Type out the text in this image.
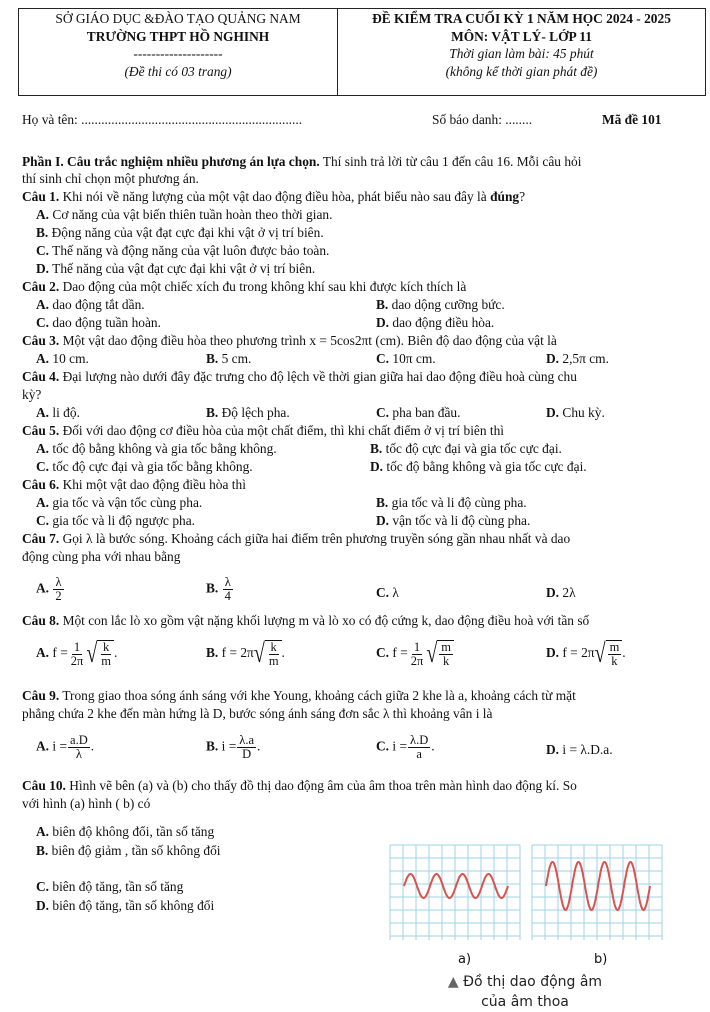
SỞ GIÁO DỤC &ĐÀO TẠO QUẢNG NAM
TRƯỜNG THPT HỒ NGHINH
--------------------
(Đề thi có 03 trang)
ĐỀ KIỂM TRA CUỐI KỲ 1 NĂM HỌC 2024 - 2025
MÔN: VẬT LÝ- LỚP 11
Thời gian làm bài: 45 phút
(không kể thời gian phát đề)
Họ và tên: ..................................................................	Số báo danh: ........	Mã đề 101
Phần I. Câu trắc nghiệm nhiều phương án lựa chọn. Thí sinh trả lời từ câu 1 đến câu 16. Mỗi câu hỏi
thí sinh chỉ chọn một phương án.
Câu 1. Khi nói về năng lượng của một vật dao động điều hòa, phát biểu nào sau đây là đúng?
A. Cơ năng của vật biến thiên tuần hoàn theo thời gian.
B. Động năng của vật đạt cực đại khi vật ở vị trí biên.
C. Thế năng và động năng của vật luôn được bảo toàn.
D. Thế năng của vật đạt cực đại khi vật ở vị trí biên.
Câu 2. Dao động của một chiếc xích đu trong không khí sau khi được kích thích là
A. dao động tắt dần.	B. dao dộng cưỡng bức.
C. dao động tuần hoàn.	D. dao động điều hòa.
Câu 3. Một vật dao động điều hòa theo phương trình x = 5cos2πt (cm). Biên độ dao động của vật là
A. 10 cm.	B. 5 cm.	C. 10π cm.	D. 2,5π cm.
Câu 4. Đại lượng nào dưới đây đặc trưng cho độ lệch về thời gian giữa hai dao động điều hoà cùng chu
kỳ?
A. li độ.	B. Độ lệch pha.	C. pha ban đầu.	D. Chu kỳ.
Câu 5. Đối với dao động cơ điều hòa của một chất điểm, thì khi chất điểm ở vị trí biên thì
A. tốc độ bằng không và gia tốc bằng không.	B. tốc độ cực đại và gia tốc cực đại.
C. tốc độ cực đại và gia tốc bằng không.	D. tốc độ bằng không và gia tốc cực đại.
Câu 6. Khi một vật dao động điều hòa thì
A. gia tốc và vận tốc cùng pha.	B. gia tốc và li độ cùng pha.
C. gia tốc và li độ ngược pha.	D. vận tốc và li độ cùng pha.
Câu 7. Gọi λ là bước sóng. Khoảng cách giữa hai điểm trên phương truyền sóng gần nhau nhất và dao
động cùng pha với nhau bằng
A. $\frac{\lambda}{2}$	B. $\frac{\lambda}{4}$	C. λ	D. 2λ
Câu 8. Một con lắc lò xo gồm vật nặng khối lượng m và lò xo có độ cứng k, dao động điều hoà với tần số
A. $f = \frac{1}{2\pi}$ √ $\frac{k}{m}$ .	B. f = 2π √ $\frac{k}{m}$ .	C. $f = \frac{1}{2\pi}$ √ $\frac{m}{k}$	D. f = 2π √ $\frac{m}{k}$ .
Câu 9. Trong giao thoa sóng ánh sáng với khe Young, khoảng cách giữa 2 khe là a, khoảng cách từ mặt
phẳng chứa 2 khe đến màn hứng là D, bước sóng ánh sáng đơn sắc λ thì khoảng vân i là
A. $i = \frac{a.D}{\lambda}$ .	B. $i = \frac{\lambda.a}{D}$ .	C. $i = \frac{\lambda.D}{a}$ .	D. i = λ.D.a.
Câu 10. Hình vẽ bên (a) và (b) cho thấy đồ thị dao động âm của âm thoa trên màn hình dao động kí. So
với hình (a) hình ( b) có
A. biên độ không đổi, tần số tăng
B. biên độ giảm , tần số không đổi
C. biên độ tăng, tần số tăng
D. biên độ tăng, tần số không đổi
a)	b)
▲ Đồ thị dao động âm
của âm thoa
